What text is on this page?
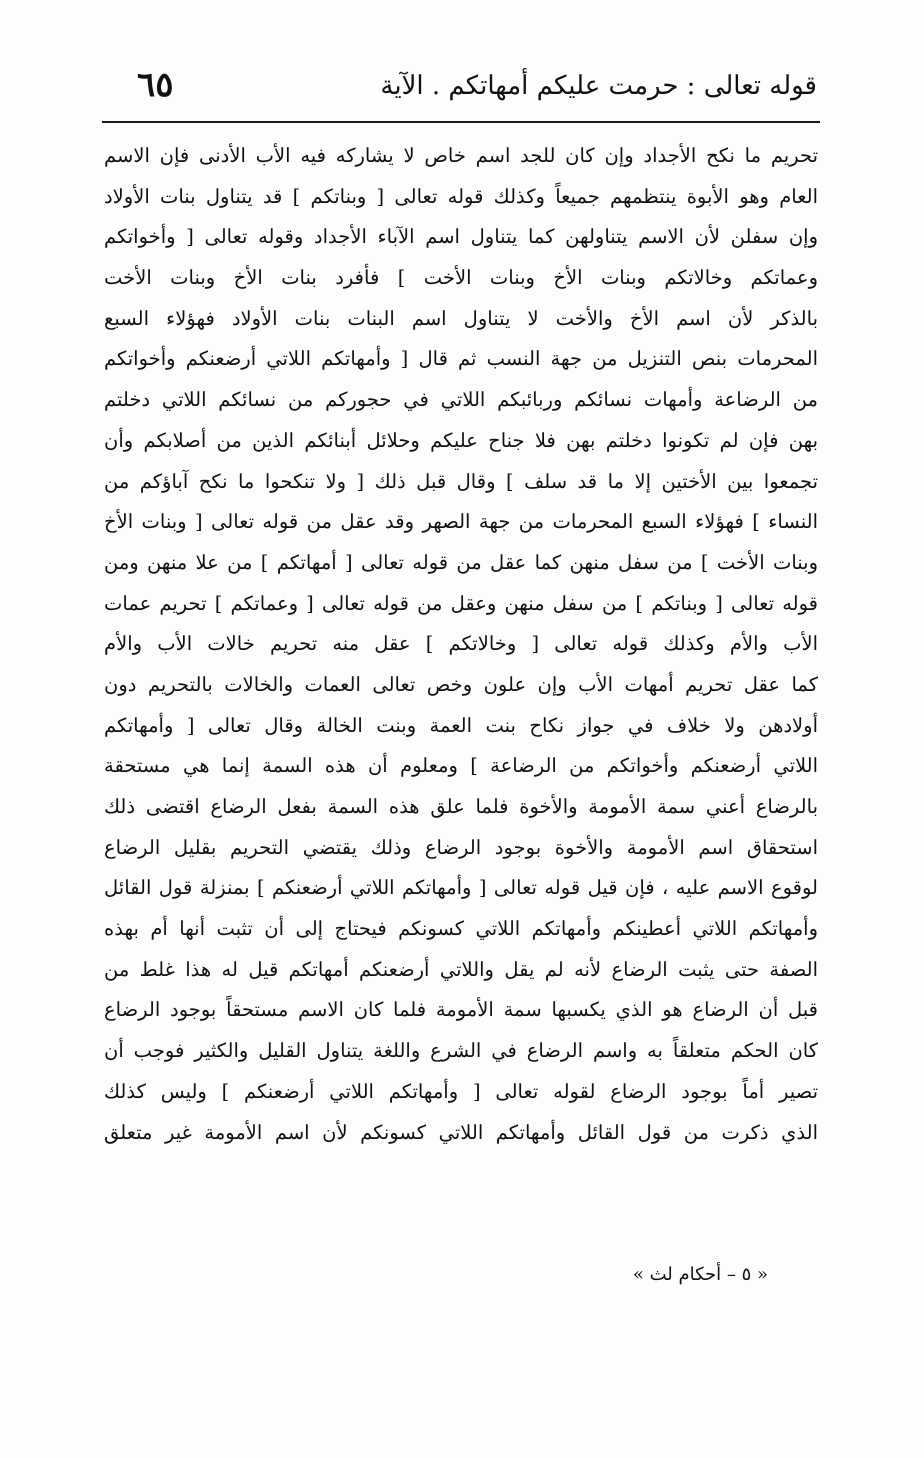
قوله تعالى : حرمت عليكم أمهاتكم . الآية
٦٥
تحريم ما نكح الأجداد وإن كان للجد اسم خاص لا يشاركه فيه الأب الأدنى فإن الاسم
العام وهو الأبوة ينتظمهم جميعاً وكذلك قوله تعالى [ وبناتكم ] قد يتناول بنات الأولاد
وإن سفلن لأن الاسم يتناولهن كما يتناول اسم الآباء الأجداد وقوله تعالى [ وأخواتكم
وعماتكم وخالاتكم وبنات الأخ وبنات الأخت ] فأفرد بنات الأخ وبنات الأخت
بالذكر لأن اسم الأخ والأخت لا يتناول اسم البنات بنات الأولاد فهؤلاء السبع
المحرمات بنص التنزيل من جهة النسب ثم قال [ وأمهاتكم اللاتي أرضعنكم وأخواتكم
من الرضاعة وأمهات نسائكم وربائبكم اللاتي في حجوركم من نسائكم اللاتي دخلتم
بهن فإن لم تكونوا دخلتم بهن فلا جناح عليكم وحلائل أبنائكم الذين من أصلابكم وأن
تجمعوا بين الأختين إلا ما قد سلف ] وقال قبل ذلك [ ولا تنكحوا ما نكح آباؤكم من
النساء ] فهؤلاء السبع المحرمات من جهة الصهر وقد عقل من قوله تعالى [ وبنات الأخ
وبنات الأخت ] من سفل منهن كما عقل من قوله تعالى [ أمهاتكم ] من علا منهن ومن
قوله تعالى [ وبناتكم ] من سفل منهن وعقل من قوله تعالى [ وعماتكم ] تحريم عمات
الأب والأم وكذلك قوله تعالى [ وخالاتكم ] عقل منه تحريم خالات الأب والأم
كما عقل تحريم أمهات الأب وإن علون وخص تعالى العمات والخالات بالتحريم دون
أولادهن ولا خلاف في جواز نكاح بنت العمة وبنت الخالة وقال تعالى [ وأمهاتكم
اللاتي أرضعنكم وأخواتكم من الرضاعة ] ومعلوم أن هذه السمة إنما هي مستحقة
بالرضاع أعني سمة الأمومة والأخوة فلما علق هذه السمة بفعل الرضاع اقتضى ذلك
استحقاق اسم الأمومة والأخوة بوجود الرضاع وذلك يقتضي التحريم بقليل الرضاع
لوقوع الاسم عليه ، فإن قيل قوله تعالى [ وأمهاتكم اللاتي أرضعنكم ] بمنزلة قول القائل
وأمهاتكم اللاتي أعطينكم وأمهاتكم اللاتي كسونكم فيحتاج إلى أن تثبت أنها أم بهذه
الصفة حتى يثبت الرضاع لأنه لم يقل واللاتي أرضعنكم أمهاتكم قيل له هذا غلط من
قبل أن الرضاع هو الذي يكسبها سمة الأمومة فلما كان الاسم مستحقاً بوجود الرضاع
كان الحكم متعلقاً به واسم الرضاع في الشرع واللغة يتناول القليل والكثير فوجب أن
تصير أماً بوجود الرضاع لقوله تعالى [ وأمهاتكم اللاتي أرضعنكم ] وليس كذلك
الذي ذكرت من قول القائل وأمهاتكم اللاتي كسونكم لأن اسم الأمومة غير متعلق
« ٥ – أحكام لث »
